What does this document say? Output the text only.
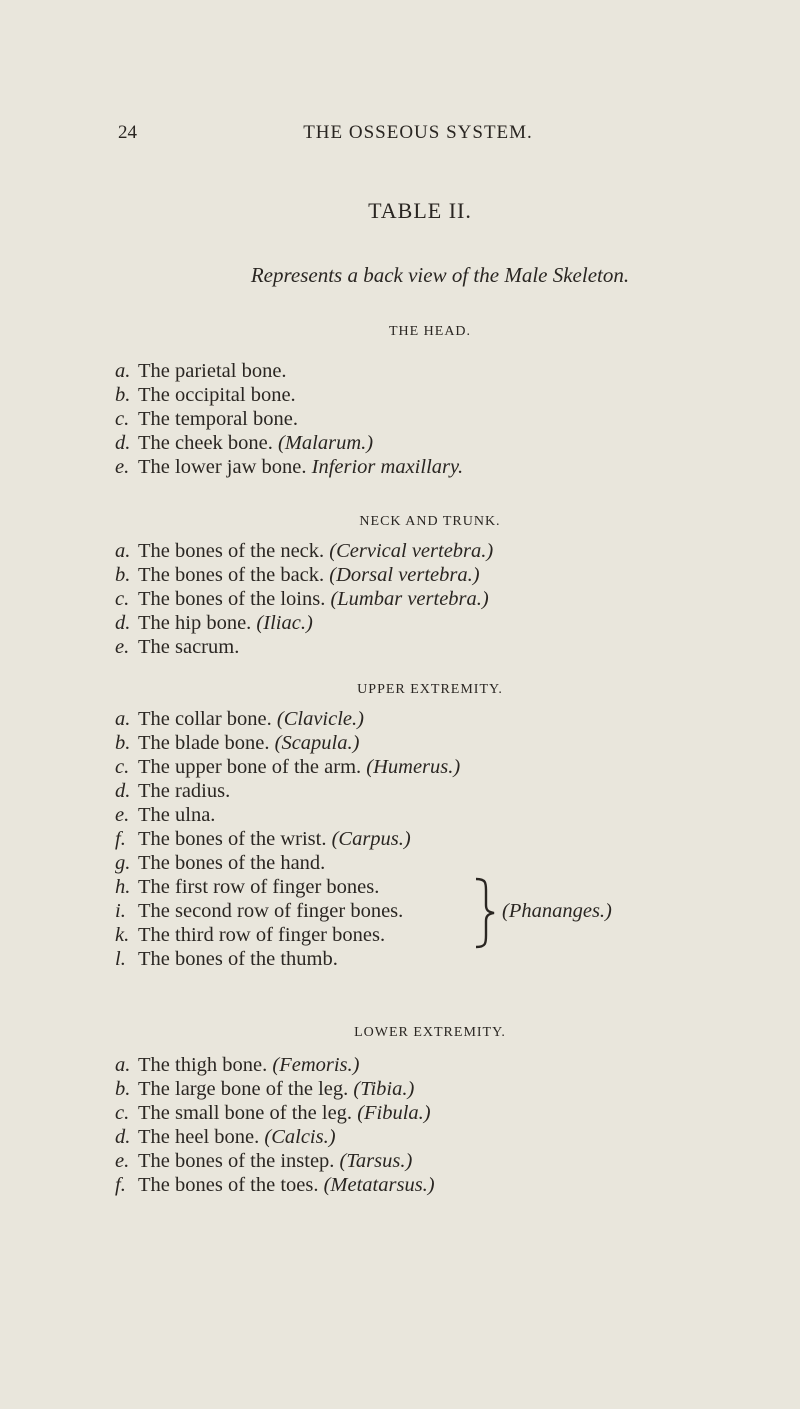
24	THE OSSEOUS SYSTEM.
TABLE II.
Represents a back view of the Male Skeleton.
THE HEAD.
a. The parietal bone.
b. The occipital bone.
c. The temporal bone.
d. The cheek bone. (Malarum.)
e. The lower jaw bone. Inferior maxillary.
NECK AND TRUNK.
a. The bones of the neck. (Cervical vertebra.)
b. The bones of the back. (Dorsal vertebra.)
c. The bones of the loins. (Lumbar vertebra.)
d. The hip bone. (Iliac.)
e. The sacrum.
UPPER EXTREMITY.
a. The collar bone. (Clavicle.)
b. The blade bone. (Scapula.)
c. The upper bone of the arm. (Humerus.)
d. The radius.
e. The ulna.
f. The bones of the wrist. (Carpus.)
g. The bones of the hand.
h. The first row of finger bones.
i. The second row of finger bones.
k. The third row of finger bones.
l. The bones of the thumb.
(Phananges.)
LOWER EXTREMITY.
a. The thigh bone. (Femoris.)
b. The large bone of the leg. (Tibia.)
c. The small bone of the leg. (Fibula.)
d. The heel bone. (Calcis.)
e. The bones of the instep. (Tarsus.)
f. The bones of the toes. (Metatarsus.)
